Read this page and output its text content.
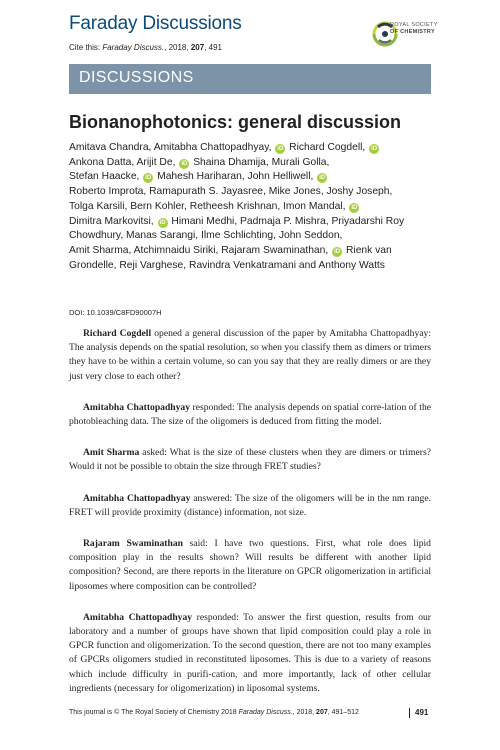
Faraday Discussions
Cite this: Faraday Discuss., 2018, 207, 491
ROYAL SOCIETY
OF CHEMISTRY
DISCUSSIONS
Bionanophotonics: general discussion
Amitava Chandra, Amitabha Chattopadhyay, iD Richard Cogdell, iD
Ankona Datta, Arijit De, iD Shaina Dhamija, Murali Golla,
Stefan Haacke, iD Mahesh Hariharan, John Helliwell, iD
Roberto Improta, Ramapurath S. Jayasree, Mike Jones, Joshy Joseph,
Tolga Karsili, Bern Kohler, Retheesh Krishnan, Imon Mandal, iD
Dimitra Markovitsi, iD Himani Medhi, Padmaja P. Mishra, Priyadarshi Roy
Chowdhury, Manas Sarangi, Ilme Schlichting, John Seddon,
Amit Sharma, Atchimnaidu Siriki, Rajaram Swaminathan, iD Rienk van
Grondelle, Reji Varghese, Ravindra Venkatramani and Anthony Watts
DOI: 10.1039/C8FD90007H

Richard Cogdell opened a general discussion of the paper by Amitabha Chattopadhyay: The analysis depends on the spatial resolution, so when you classify them as dimers or trimers they have to be within a certain volume, so can you say that they are really dimers or are they just very close to each other?

Amitabha Chattopadhyay responded: The analysis depends on spatial corre-lation of the photobleaching data. The size of the oligomers is deduced from fitting the model.

Amit Sharma asked: What is the size of these clusters when they are dimers or trimers? Would it not be possible to obtain the size through FRET studies?

Amitabha Chattopadhyay answered: The size of the oligomers will be in the nm range. FRET will provide proximity (distance) information, not size.

Rajaram Swaminathan said: I have two questions. First, what role does lipid composition play in the results shown? Will results be different with another lipid composition? Second, are there reports in the literature on GPCR oligomerization in artificial liposomes where composition can be controlled?

Amitabha Chattopadhyay responded: To answer the first question, results from our laboratory and a number of groups have shown that lipid composition could play a role in GPCR function and oligomerization. To the second question, there are not too many examples of GPCRs oligomers studied in reconstituted liposomes. This is due to a variety of reasons which include difficulty in purifi-cation, and more importantly, lack of other cellular ingredients (necessary for oligomerization) in liposomal systems.

This journal is © The Royal Society of Chemistry 2018 Faraday Discuss., 2018, 207, 491–512	491
